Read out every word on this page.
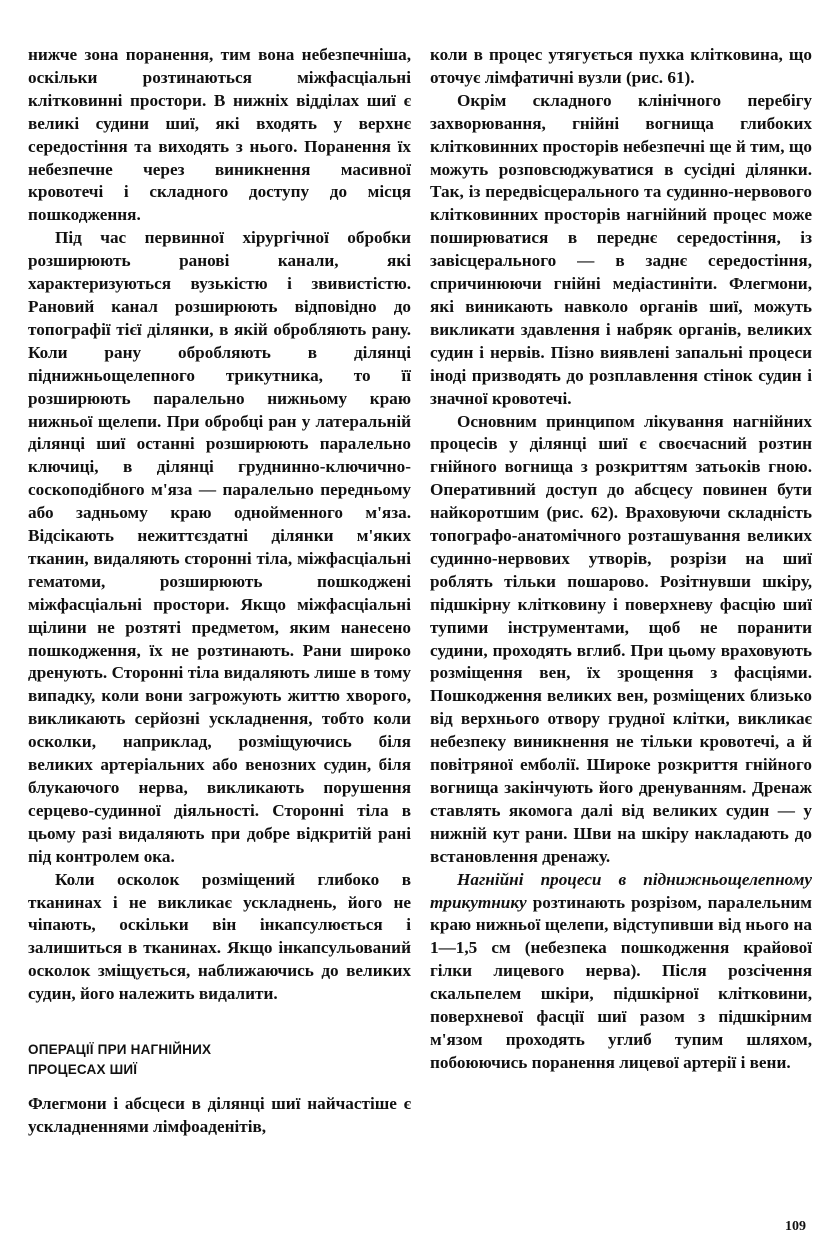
нижче зона поранення, тим вона небезпечніша, оскільки розтинаються міжфасціальні клітковинні простори. В нижніх відділах шиї є великі судини шиї, які входять у верхнє середостіння та виходять з нього. Поранення їх небезпечне через виникнення масивної кровотечі і складного доступу до місця пошкодження.

Під час первинної хірургічної обробки розширюють ранові канали, які характеризуються вузькістю і звивистістю. Рановий канал розширюють відповідно до топографії тієї ділянки, в якій обробляють рану. Коли рану обробляють в ділянці піднижньощелепного трикутника, то її розширюють паралельно нижньому краю нижньої щелепи. При обробці ран у латеральній ділянці шиї останні розширюють паралельно ключиці, в ділянці груднинно-ключично-соскоподібного м'яза — паралельно передньому або задньому краю однойменного м'яза. Відсікають нежиттєздатні ділянки м'яких тканин, видаляють сторонні тіла, міжфасціальні гематоми, розширюють пошкоджені міжфасціальні простори. Якщо міжфасціальні щілини не розтяті предметом, яким нанесено пошкодження, їх не розтинають. Рани широко дренують. Сторонні тіла видаляють лише в тому випадку, коли вони загрожують життю хворого, викликають серйозні ускладнення, тобто коли осколки, наприклад, розміщуючись біля великих артеріальних або венозних судин, біля блукаючого нерва, викликають порушення серцево-судинної діяльності. Сторонні тіла в цьому разі видаляють при добре відкритій рані під контролем ока.

Коли осколок розміщений глибоко в тканинах і не викликає ускладнень, його не чіпають, оскільки він інкапсулюється і залишиться в тканинах. Якщо інкапсульований осколок зміщується, наближаючись до великих судин, його належить видалити.

ОПЕРАЦІЇ ПРИ НАГНІЙНИХ
ПРОЦЕСАХ ШИЇ

Флегмони і абсцеси в ділянці шиї найчастіше є ускладненнями лімфоаденітів,

коли в процес утягується пухка клітковина, що оточує лімфатичні вузли (рис. 61).

Окрім складного клінічного перебігу захворювання, гнійні вогнища глибоких клітковинних просторів небезпечні ще й тим, що можуть розповсюджуватися в сусідні ділянки. Так, із передвісцерального та судинно-нервового клітковинних просторів нагнійний процес може поширюватися в переднє середостіння, із завісцерального — в заднє середостіння, спричинюючи гнійні медіастиніти. Флегмони, які виникають навколо органів шиї, можуть викликати здавлення і набряк органів, великих судин і нервів. Пізно виявлені запальні процеси іноді призводять до розплавлення стінок судин і значної кровотечі.

Основним принципом лікування нагнійних процесів у ділянці шиї є своєчасний розтин гнійного вогнища з розкриттям затьоків гною. Оперативний доступ до абсцесу повинен бути найкоротшим (рис. 62). Враховуючи складність топографо-анатомічного розташування великих судинно-нервових утворів, розрізи на шиї роблять тільки пошарово. Розітнувши шкіру, підшкірну клітковину і поверхневу фасцію шиї тупими інструментами, щоб не поранити судини, проходять вглиб. При цьому враховують розміщення вен, їх зрощення з фасціями. Пошкодження великих вен, розміщених близько від верхнього отвору грудної клітки, викликає небезпеку виникнення не тільки кровотечі, а й повітряної емболії. Широке розкриття гнійного вогнища закінчують його дренуванням. Дренаж ставлять якомога далі від великих судин — у нижній кут рани. Шви на шкіру накладають до встановлення дренажу.

Нагнійні процеси в піднижньощелепному трикутнику розтинають розрізом, паралельним краю нижньої щелепи, відступивши від нього на 1—1,5 см (небезпека пошкодження крайової гілки лицевого нерва). Після розсічення скальпелем шкіри, підшкірної клітковини, поверхневої фасції шиї разом з підшкірним м'язом проходять углиб тупим шляхом, побоюючись поранення лицевої артерії і вени.

109
